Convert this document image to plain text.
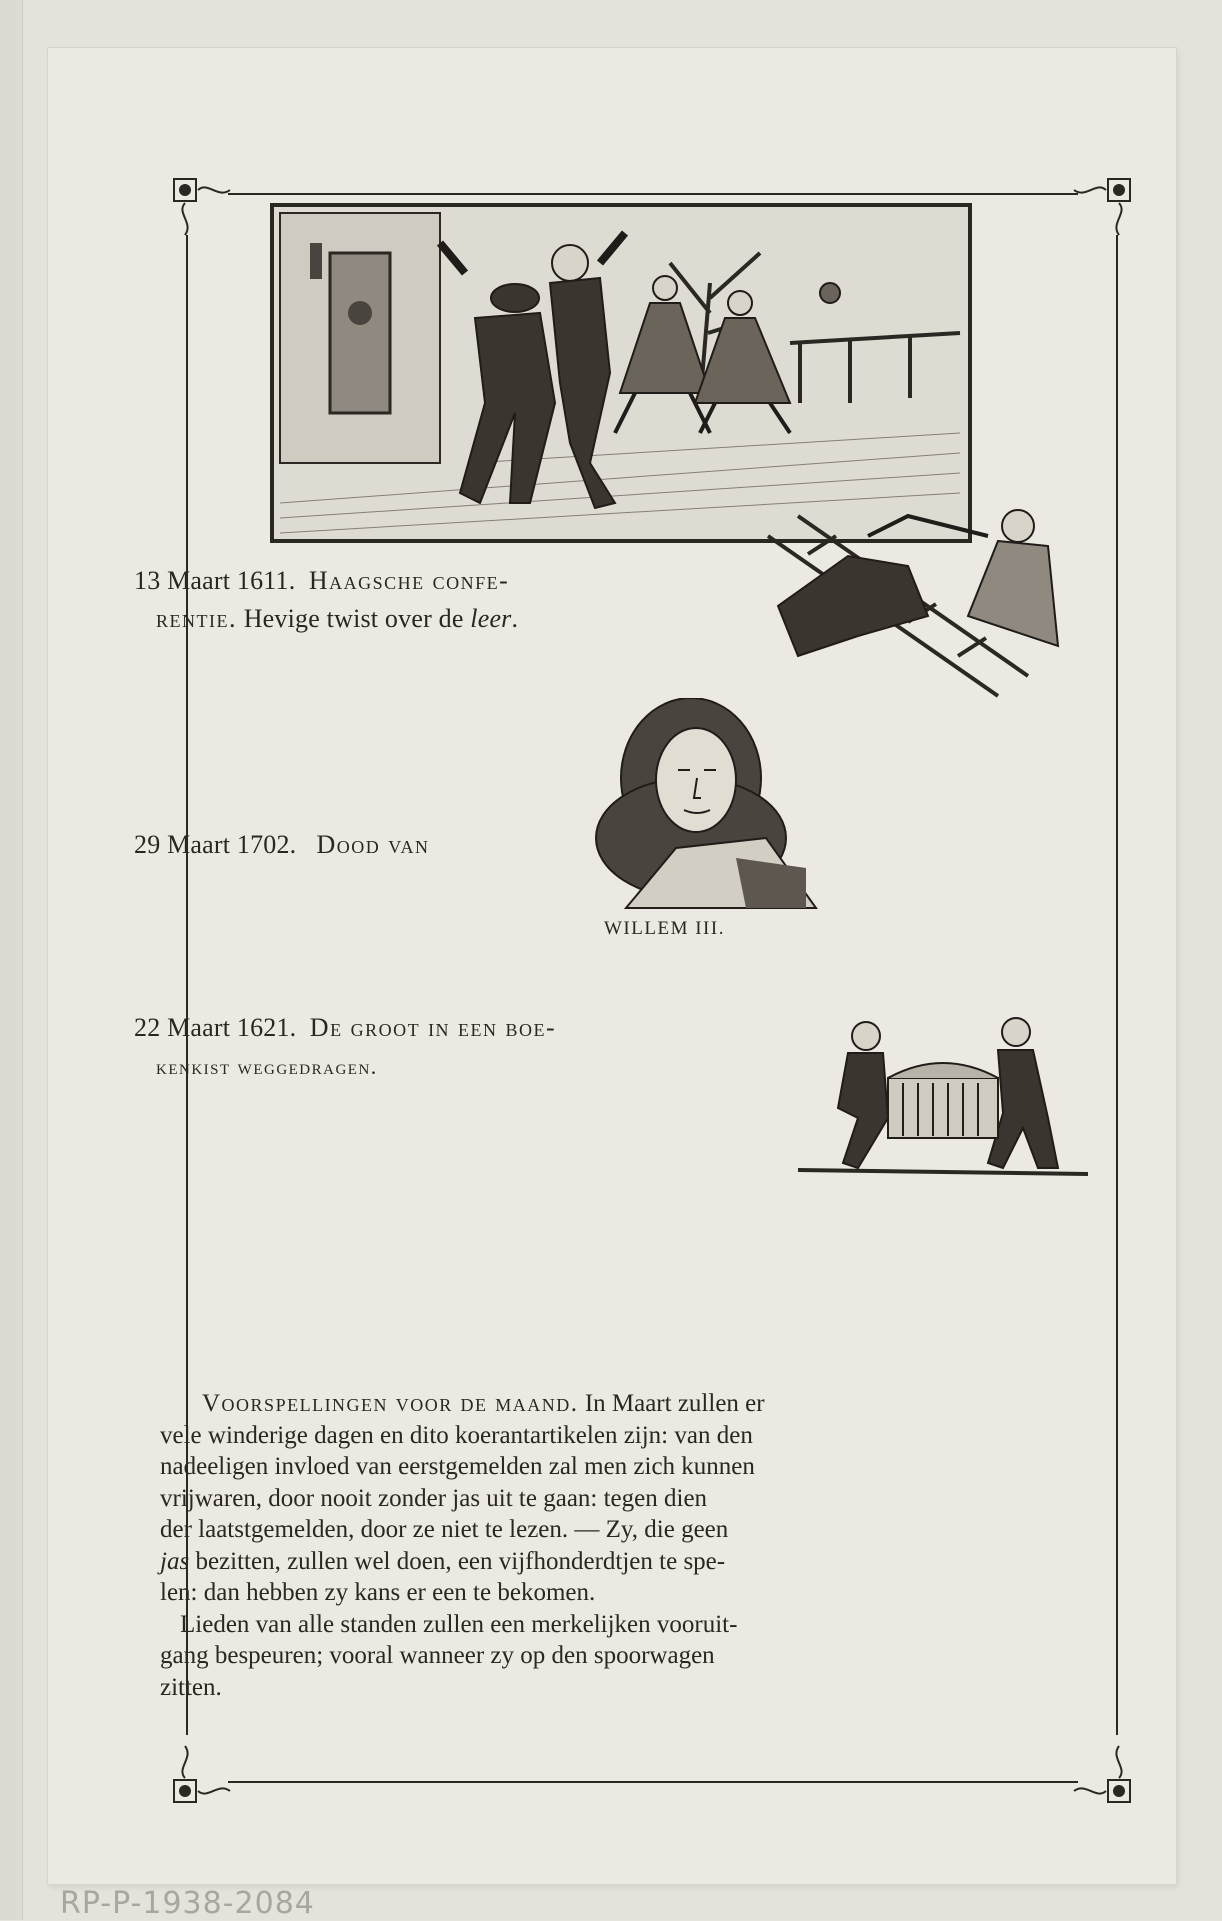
13 Maart 1611. Haagsche confe-
rentie. Hevige twist over de leer.
29 Maart 1702. Dood van
WILLEM III.
22 Maart 1621. De groot in een boe-
kenkist weggedragen.

Voorspellingen voor de maand. In Maart zullen er

vele winderige dagen en dito koerantartikelen zijn: van den

nadeeligen invloed van eerstgemelden zal men zich kunnen

vrijwaren, door nooit zonder jas uit te gaan: tegen dien

der laatstgemelden, door ze niet te lezen. — Zy, die geen

jas bezitten, zullen wel doen, een vijfhonderdtjen te spe-

len: dan hebben zy kans er een te bekomen.

Lieden van alle standen zullen een merkelijken vooruit-

gang bespeuren; vooral wanneer zy op den spoorwagen

zitten.

RP-P-1938-2084
